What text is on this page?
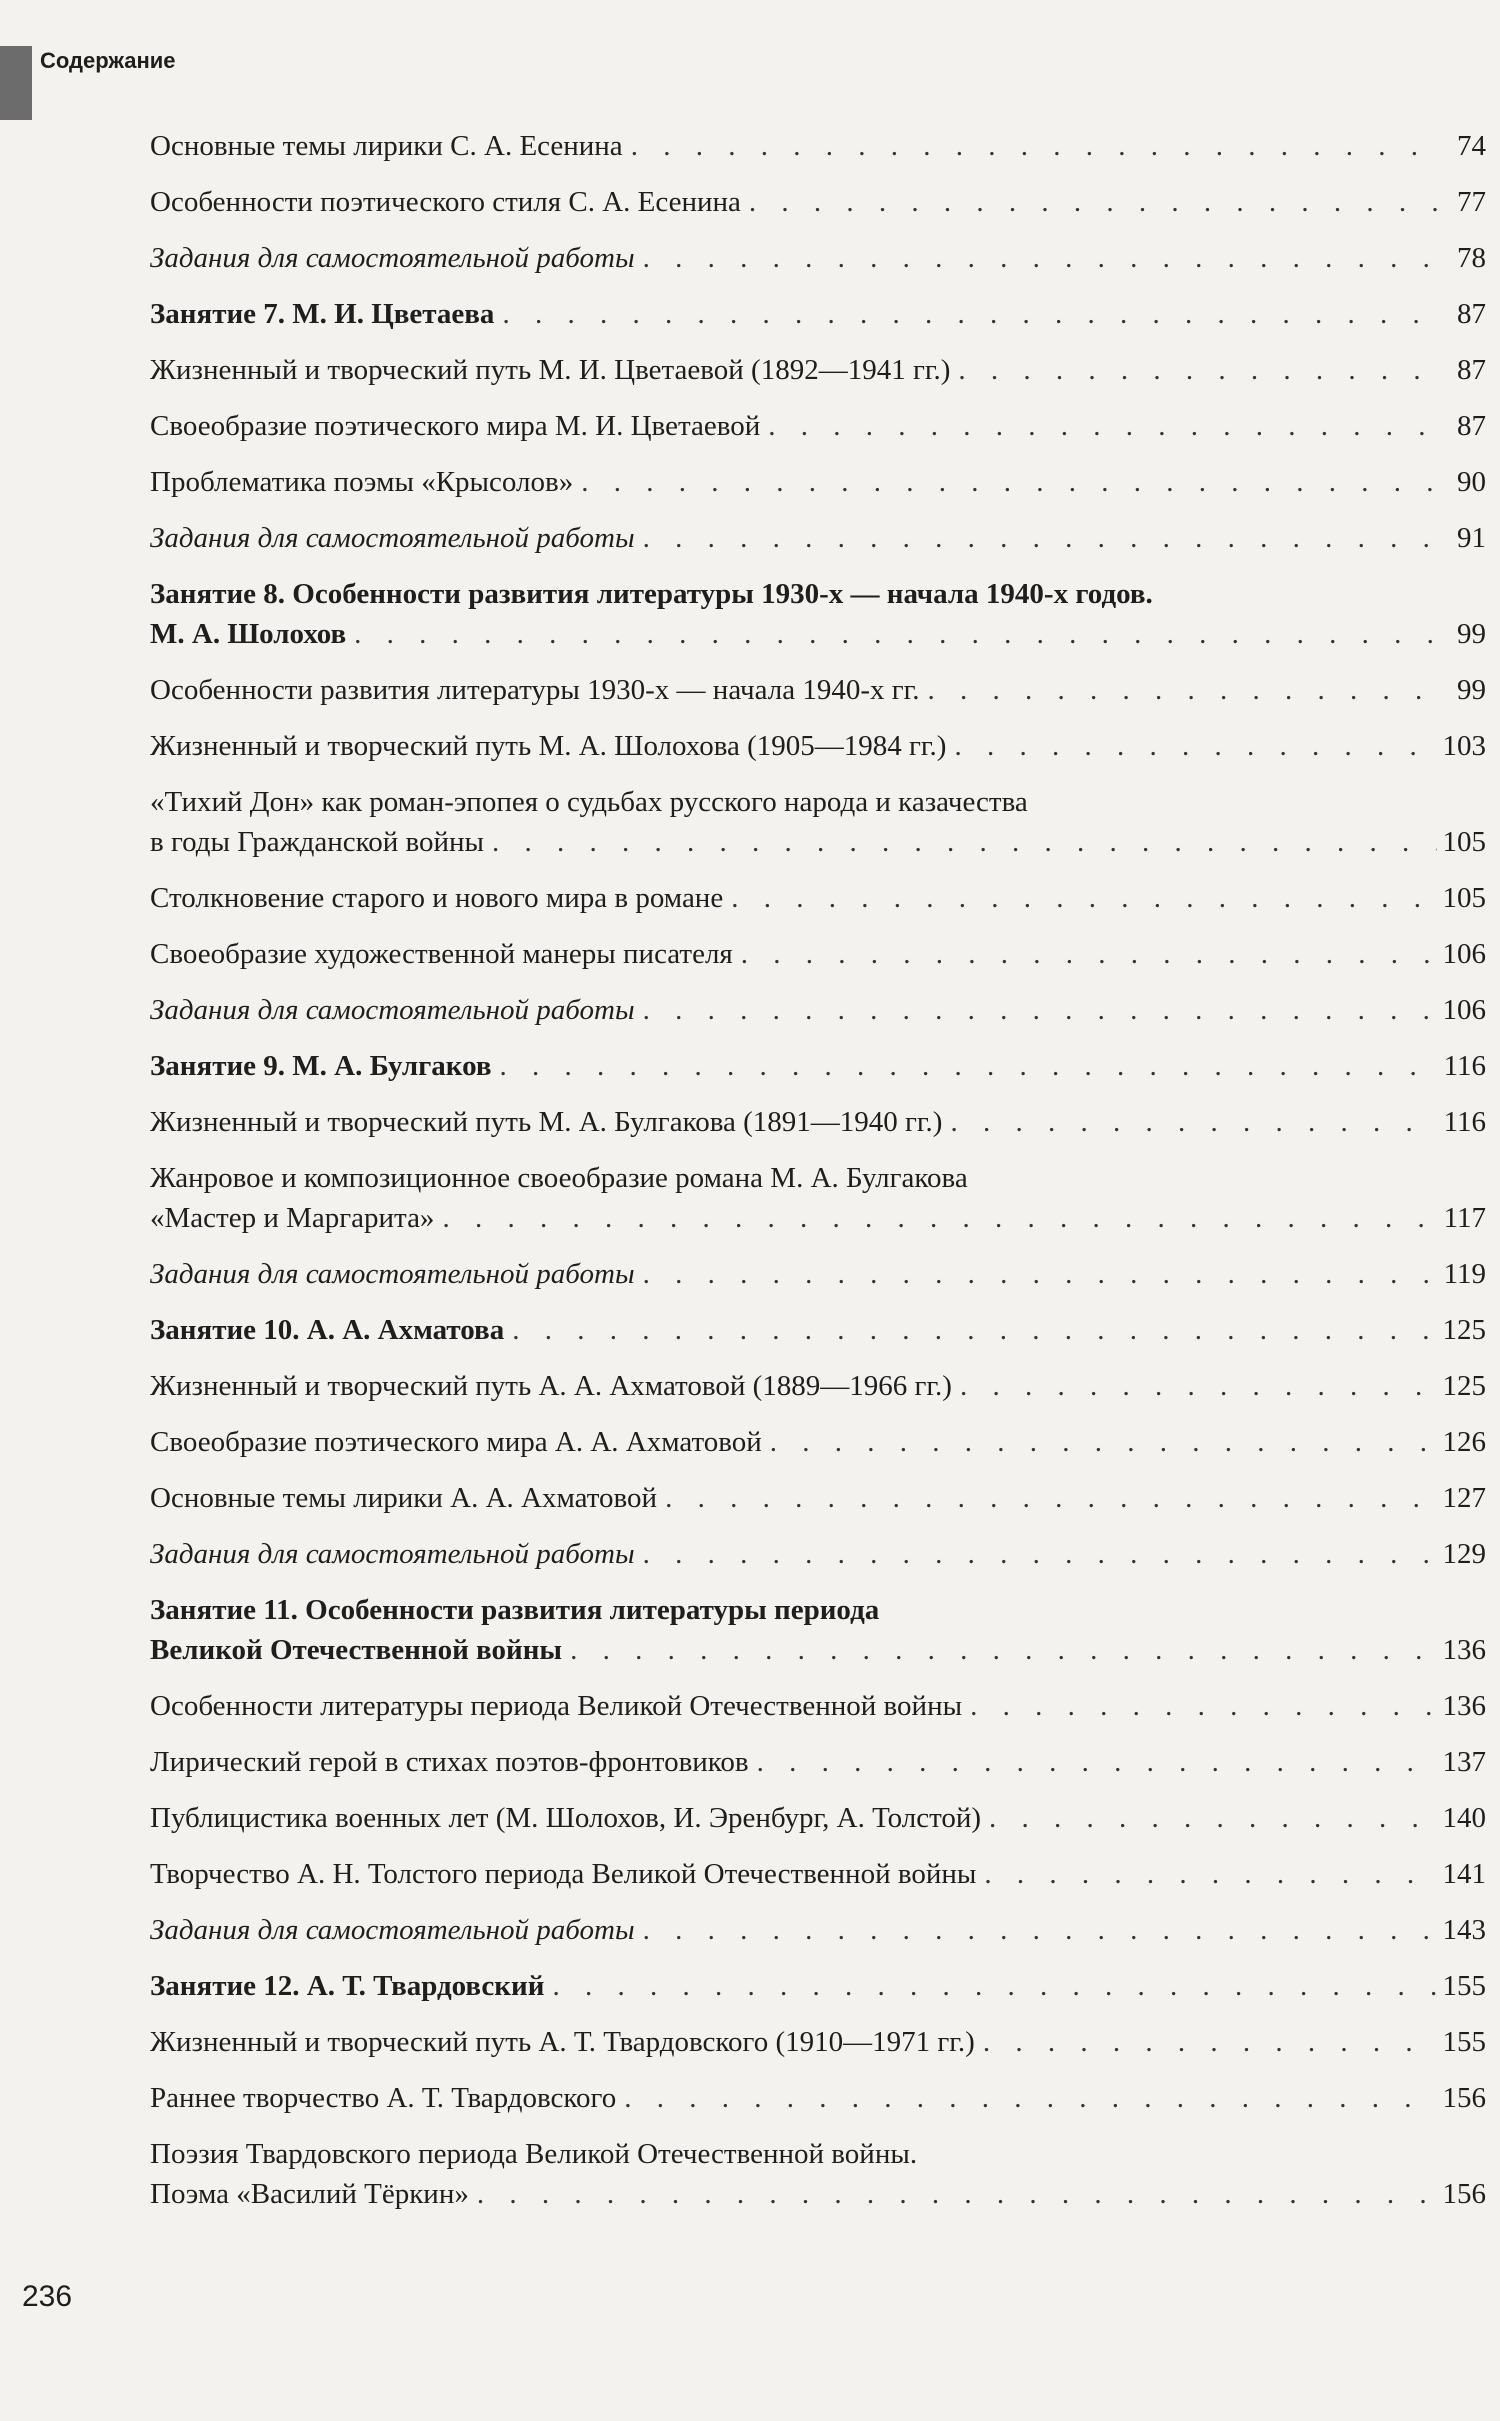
Содержание
Основные темы лирики С. А. Есенина . . .	74
Особенности поэтического стиля С. А. Есенина . . .	77
Задания для самостоятельной работы . . .	78
Занятие 7. М. И. Цветаева . . .	87
Жизненный и творческий путь М. И. Цветаевой (1892—1941 гг.) . . .	87
Своеобразие поэтического мира М. И. Цветаевой . . .	87
Проблематика поэмы «Крысолов» . . .	90
Задания для самостоятельной работы . . .	91
Занятие 8. Особенности развития литературы 1930-х — начала 1940-х годов.
М. А. Шолохов . . .	99
Особенности развития литературы 1930-х — начала 1940-х гг. . . .	99
Жизненный и творческий путь М. А. Шолохова (1905—1984 гг.) . . .	103
«Тихий Дон» как роман-эпопея о судьбах русского народа и казачества
в годы Гражданской войны . . .	105
Столкновение старого и нового мира в романе . . .	105
Своеобразие художественной манеры писателя . . .	106
Задания для самостоятельной работы . . .	106
Занятие 9. М. А. Булгаков . . .	116
Жизненный и творческий путь М. А. Булгакова (1891—1940 гг.) . . .	116
Жанровое и композиционное своеобразие романа М. А. Булгакова
«Мастер и Маргарита» . . .	117
Задания для самостоятельной работы . . .	119
Занятие 10. А. А. Ахматова . . .	125
Жизненный и творческий путь А. А. Ахматовой (1889—1966 гг.) . . .	125
Своеобразие поэтического мира А. А. Ахматовой . . .	126
Основные темы лирики А. А. Ахматовой . . .	127
Задания для самостоятельной работы . . .	129
Занятие 11. Особенности развития литературы периода
Великой Отечественной войны . . .	136
Особенности литературы периода Великой Отечественной войны . . .	136
Лирический герой в стихах поэтов-фронтовиков . . .	137
Публицистика военных лет (М. Шолохов, И. Эренбург, А. Толстой) . . .	140
Творчество А. Н. Толстого периода Великой Отечественной войны . . .	141
Задания для самостоятельной работы . . .	143
Занятие 12. А. Т. Твардовский . . .	155
Жизненный и творческий путь А. Т. Твардовского (1910—1971 гг.) . . .	155
Раннее творчество А. Т. Твардовского . . .	156
Поэзия Твардовского периода Великой Отечественной войны.
Поэма «Василий Тёркин» . . .	156
236
